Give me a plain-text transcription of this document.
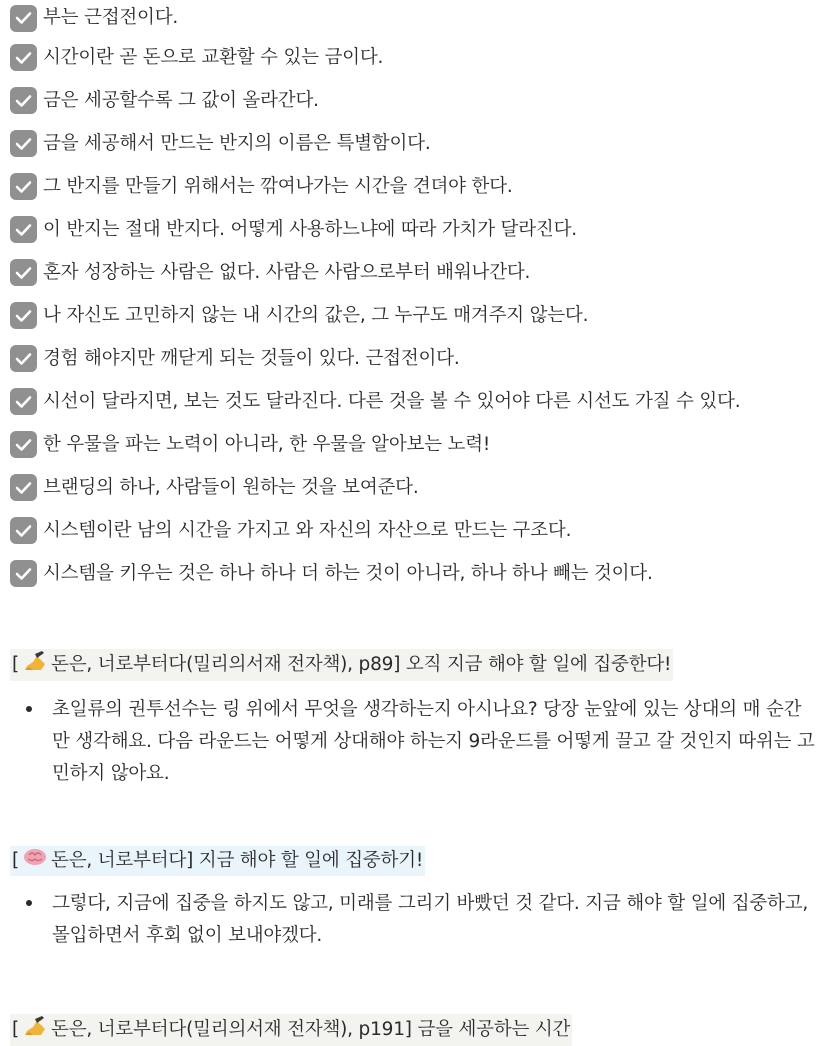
부는 근접전이다.
시간이란 곧 돈으로 교환할 수 있는 금이다.
금은 세공할수록 그 값이 올라간다.
금을 세공해서 만드는 반지의 이름은 특별함이다.
그 반지를 만들기 위해서는 깎여나가는 시간을 견뎌야 한다.
이 반지는 절대 반지다. 어떻게 사용하느냐에 따라 가치가 달라진다.
혼자 성장하는 사람은 없다. 사람은 사람으로부터 배워나간다.
나 자신도 고민하지 않는 내 시간의 값은, 그 누구도 매겨주지 않는다.
경험 해야지만 깨닫게 되는 것들이 있다. 근접전이다.
시선이 달라지면, 보는 것도 달라진다. 다른 것을 볼 수 있어야 다른 시선도 가질 수 있다.
한 우물을 파는 노력이 아니라, 한 우물을 알아보는 노력!
브랜딩의 하나, 사람들이 원하는 것을 보여준다.
시스템이란 남의 시간을 가지고 와 자신의 자산으로 만드는 구조다.
시스템을 키우는 것은 하나 하나 더 하는 것이 아니라, 하나 하나 빼는 것이다.
[ 돈은, 너로부터다(밀리의서재 전자책), p89] 오직 지금 해야 할 일에 집중한다!
초일류의 권투선수는 링 위에서 무엇을 생각하는지 아시나요? 당장 눈앞에 있는 상대의 매 순간만 생각해요. 다음 라운드는 어떻게 상대해야 하는지 9라운드를 어떻게 끌고 갈 것인지 따위는 고민하지 않아요.
[ 돈은, 너로부터다] 지금 해야 할 일에 집중하기!
그렇다, 지금에 집중을 하지도 않고, 미래를 그리기 바빴던 것 같다. 지금 해야 할 일에 집중하고, 몰입하면서 후회 없이 보내야겠다.
[ 돈은, 너로부터다(밀리의서재 전자책), p191] 금을 세공하는 시간
